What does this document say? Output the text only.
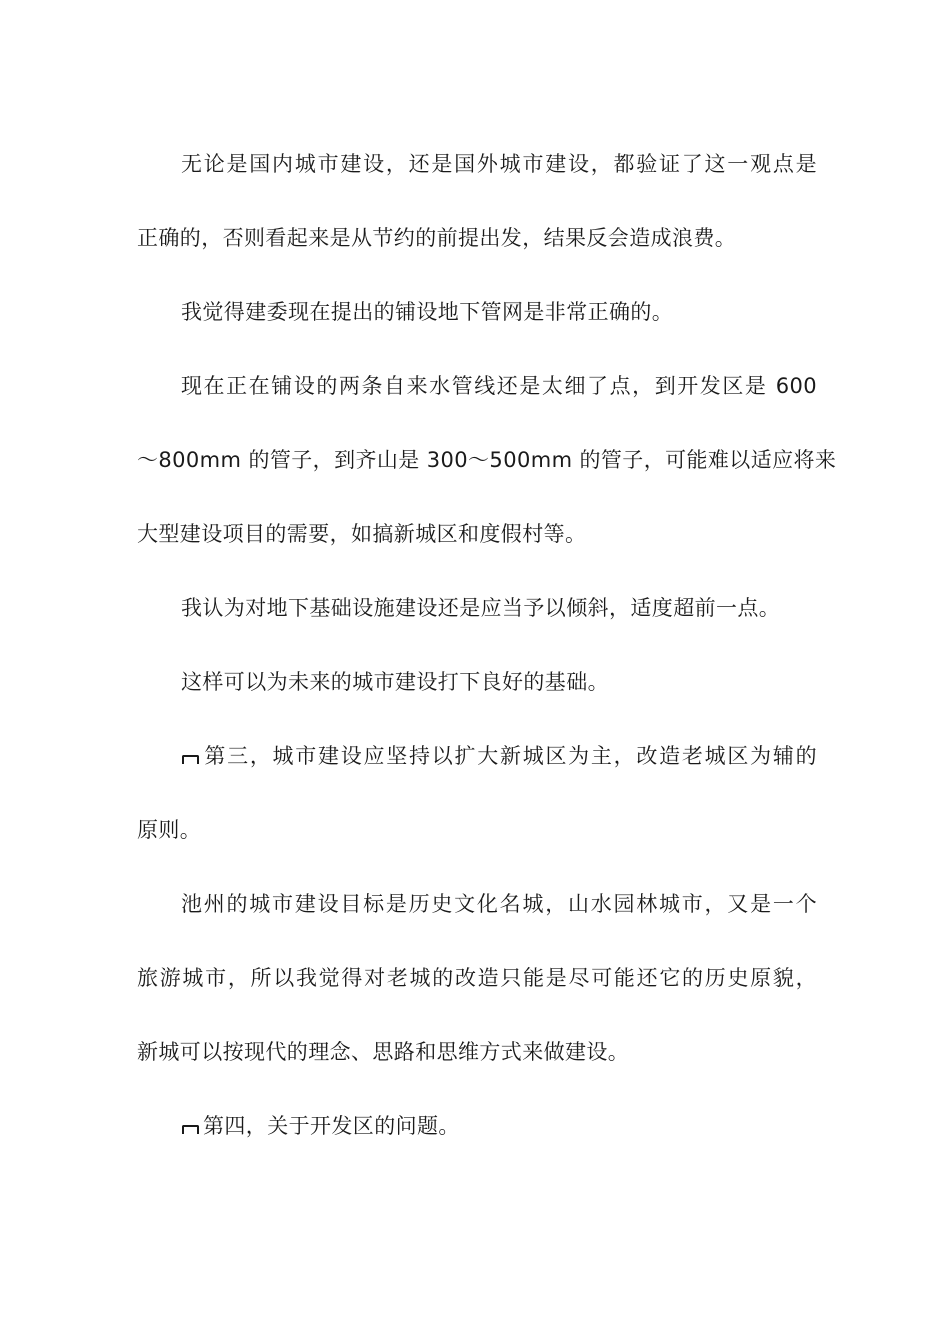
无论是国内城市建设，还是国外城市建设，都验证了这一观点是
正确的，否则看起来是从节约的前提出发，结果反会造成浪费。
我觉得建委现在提出的铺设地下管网是非常正确的。
现在正在铺设的两条自来水管线还是太细了点，到开发区是 600
～800mm 的管子，到齐山是 300～500mm 的管子，可能难以适应将来
大型建设项目的需要，如搞新城区和度假村等。
我认为对地下基础设施建设还是应当予以倾斜，适度超前一点。
这样可以为未来的城市建设打下良好的基础。
第三，城市建设应坚持以扩大新城区为主，改造老城区为辅的
原则。
池州的城市建设目标是历史文化名城，山水园林城市，又是一个
旅游城市，所以我觉得对老城的改造只能是尽可能还它的历史原貌，
新城可以按现代的理念、思路和思维方式来做建设。
第四，关于开发区的问题。
